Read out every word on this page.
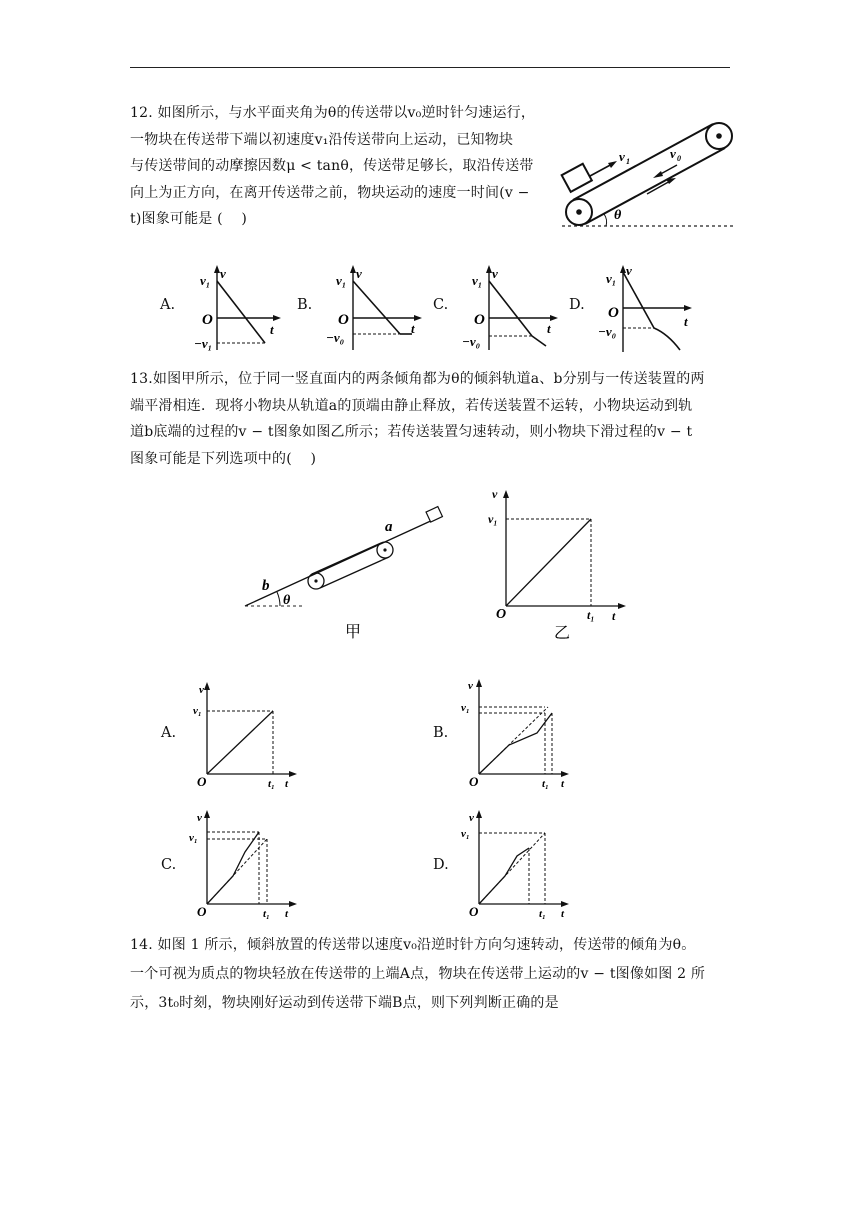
12. 如图所示，与水平面夹角为θ的传送带以v₀逆时针匀速运行，
一物块在传送带下端以初速度v₁沿传送带向上运动，已知物块
与传送带间的动摩擦因数μ < tanθ，传送带足够长，取沿传送带
向上为正方向，在离开传送带之前，物块运动的速度一时间(v −
t)图象可能是 (    )
v 1
v 0
θ
A.	B.	C.	D.
v₁ v
O
t
−v₁
v₁ v
O
t
−v₀
v₁ v
O
t
−v₀
v₁
v
O
t
−v₀
13.如图甲所示，位于同一竖直面内的两条倾角都为θ的倾斜轨道a、b分别与一传送装置的两
端平滑相连．现将小物块从轨道a的顶端由静止释放，若传送装置不运转，小物块运动到轨
道b底端的过程的v − t图象如图乙所示；若传送装置匀速转动，则小物块下滑过程的v − t
图象可能是下列选项中的(    )
θ
b
a
甲
v
v₁
O	t₁ t
乙
A.	B.
C.	D.
v
v₁
O	t₁ t
v
v₁
O	t₁ t
v
v₁
O	t₁ t
v
v₁
O	t₁ t
14. 如图 1 所示，倾斜放置的传送带以速度v₀沿逆时针方向匀速转动，传送带的倾角为θ。
一个可视为质点的物块轻放在传送带的上端A点，物块在传送带上运动的v − t图像如图 2 所
示，3t₀时刻，物块刚好运动到传送带下端B点，则下列判断正确的是
